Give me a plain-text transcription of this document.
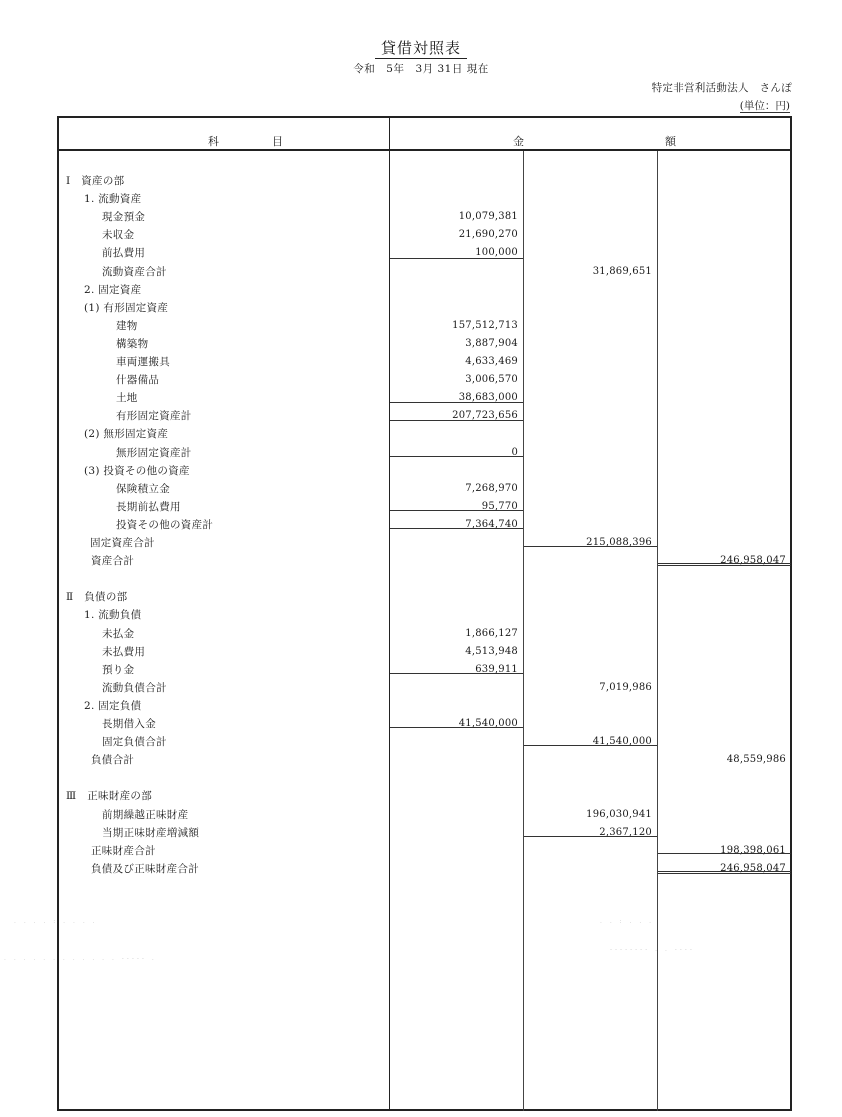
貸借対照表
令和　5年　3月 31日 現在
特定非営利活動法人　さんぽ
(単位：円)
科	目	金	額
Ⅰ　資産の部
1. 流動資産
現金預金	10,079,381
未収金	21,690,270
前払費用	100,000
流動資産合計	31,869,651
2. 固定資産
(1) 有形固定資産
建物	157,512,713
構築物	3,887,904
車両運搬具	4,633,469
什器備品	3,006,570
土地	38,683,000
有形固定資産計	207,723,656
(2) 無形固定資産
無形固定資産計	0
(3) 投資その他の資産
保険積立金	7,268,970
長期前払費用	95,770
投資その他の資産計	7,364,740
固定資産合計	215,088,396
資産合計	246,958,047
Ⅱ　負債の部
1. 流動負債
未払金	1,866,127
未払費用	4,513,948
預り金	639,911
流動負債合計	7,019,986
2. 固定負債
長期借入金	41,540,000
固定負債合計	41,540,000
負債合計	48,559,986
Ⅲ　正味財産の部
前期繰越正味財産	196,030,941
当期正味財産増減額	2,367,120
正味財産合計	198,398,061
負債及び正味財産合計	246,958,047
. . . . : . . . .
. . . . . . . . . . . . ----- .
. . : . . .
-------- . . ----
